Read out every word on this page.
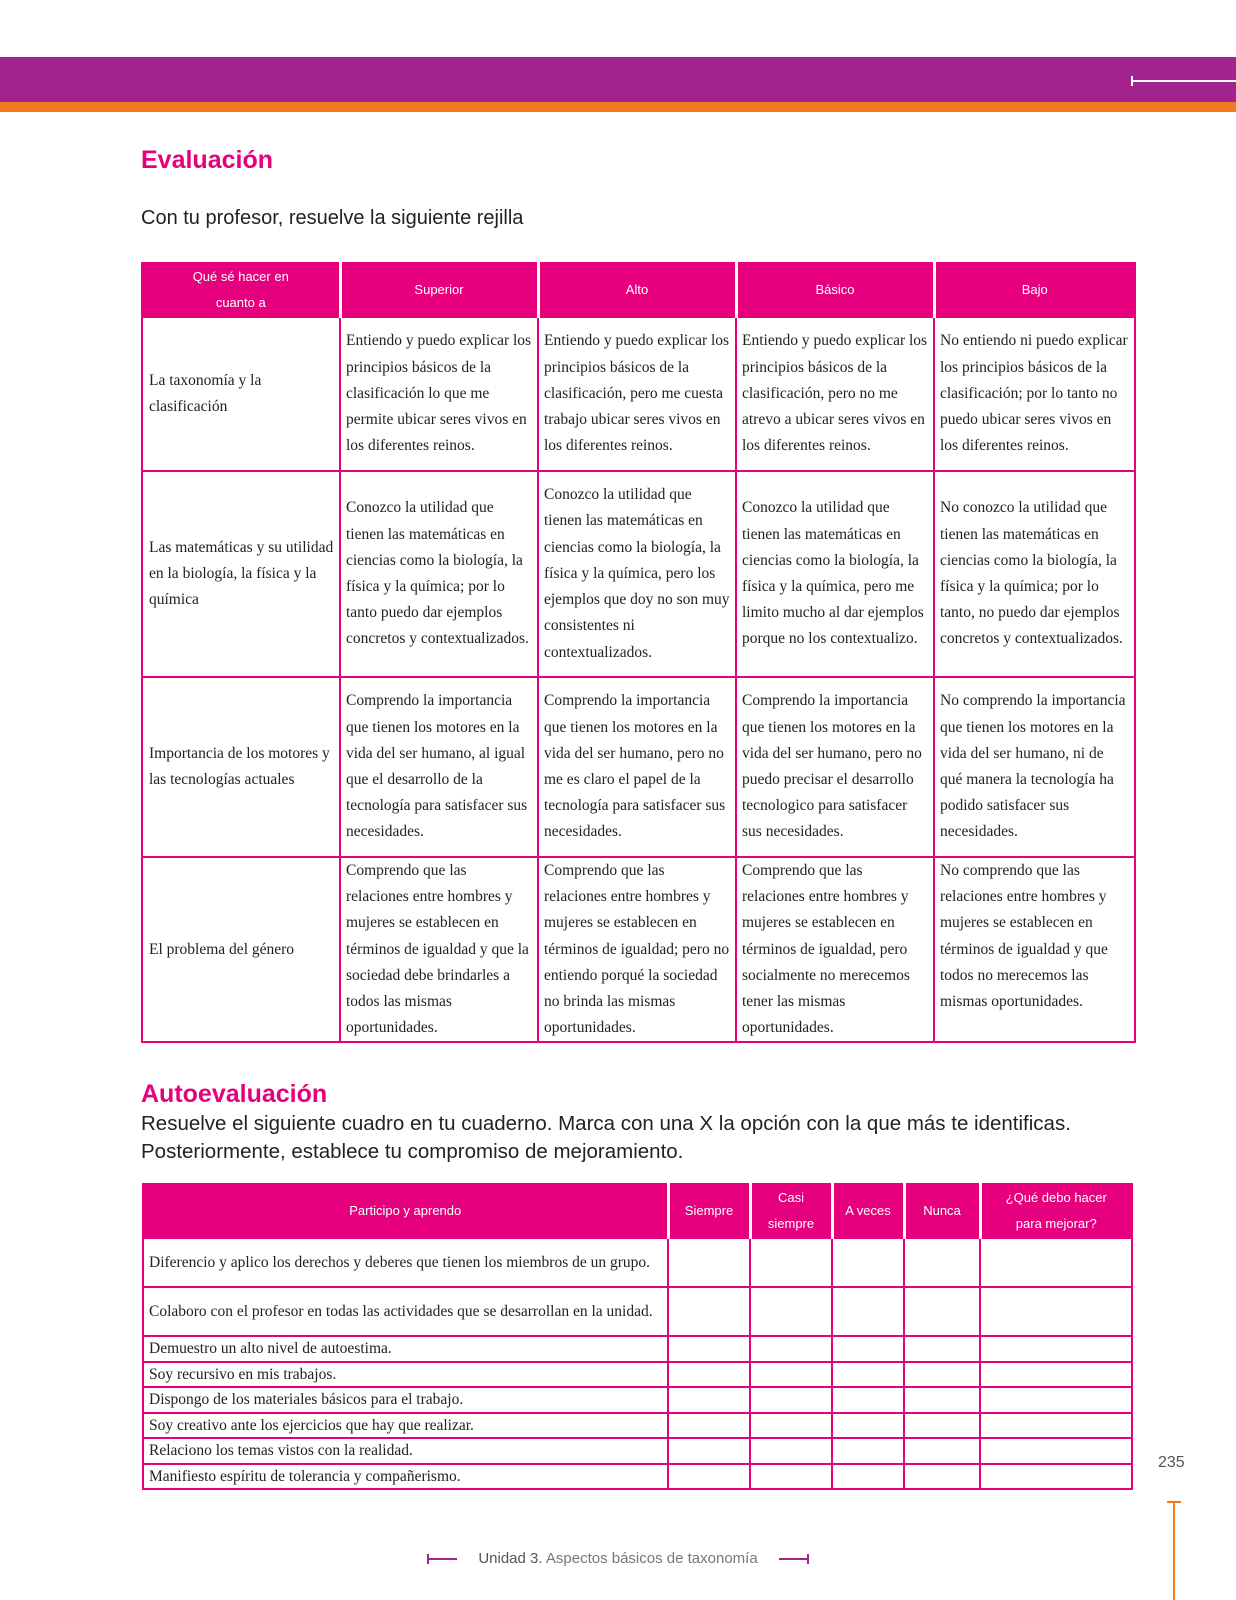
Evaluación

Con tu profesor, resuelve la siguiente rejilla

Qué sé hacer en cuanto a	Superior	Alto	Básico	Bajo
La taxonomía y la clasificación	Entiendo y puedo explicar los principios básicos de la clasificación lo que me permite ubicar seres vivos en los diferentes reinos.	Entiendo y puedo explicar los principios básicos de la clasificación, pero me cuesta trabajo ubicar seres vivos en los diferentes reinos.	Entiendo y puedo explicar los principios básicos de la clasificación, pero no me atrevo a ubicar seres vivos en los diferentes reinos.	No entiendo ni puedo explicar los principios básicos de la clasificación; por lo tanto no puedo ubicar seres vivos en los diferentes reinos.
Las matemáticas y su utilidad en la biología, la física y la química	Conozco la utilidad que tienen las matemáticas en ciencias como la biología, la física y la química; por lo tanto puedo dar ejemplos concretos y contextualizados.	Conozco la utilidad que tienen las matemáticas en ciencias como la biología, la física y la química, pero los ejemplos que doy no son muy consistentes ni contextualizados.	Conozco la utilidad que tienen las matemáticas en ciencias como la biología, la física y la química, pero me limito mucho al dar ejemplos porque no los contextualizo.	No conozco la utilidad que tienen las matemáticas en ciencias como la biología, la física y la química; por lo tanto, no puedo dar ejemplos concretos y contextualizados.
Importancia de los motores y las tecnologías actuales	Comprendo la importancia que tienen los motores en la vida del ser humano, al igual que el desarrollo de la tecnología para satisfacer sus necesidades.	Comprendo la importancia que tienen los motores en la vida del ser humano, pero no me es claro el papel de la tecnología para satisfacer sus necesidades.	Comprendo la importancia que tienen los motores en la vida del ser humano, pero no puedo precisar el desarrollo tecnologico para satisfacer sus necesidades.	No comprendo la importancia que tienen los motores en la vida del ser humano, ni de qué manera la tecnología ha podido satisfacer sus necesidades.
El problema del género	Comprendo que las relaciones entre hombres y mujeres se establecen en términos de igualdad y que la sociedad debe brindarles a todos las mismas oportunidades.	Comprendo que las relaciones entre hombres y mujeres se establecen en términos de igualdad; pero no entiendo porqué la sociedad no brinda las mismas oportunidades.	Comprendo que las relaciones entre hombres y mujeres se establecen en términos de igualdad, pero socialmente no merecemos tener las mismas oportunidades.	No comprendo que las relaciones entre hombres y mujeres se establecen en términos de igualdad y que todos no merecemos las mismas oportunidades.
Autoevaluación

Resuelve el siguiente cuadro en tu cuaderno. Marca con una X la opción con la que más te identificas. Posteriormente, establece tu compromiso de mejoramiento.

Participo y aprendo	Siempre	Casi siempre	A veces	Nunca	¿Qué debo hacer para mejorar?
Diferencio y aplico los derechos y deberes que tienen los miembros de un grupo.					
Colaboro con el profesor en todas las actividades que se desarrollan en la unidad.					
Demuestro un alto nivel de autoestima.					
Soy recursivo en mis trabajos.					
Dispongo de los materiales básicos para el trabajo.					
Soy creativo ante los ejercicios que hay que realizar.					
Relaciono los temas vistos con la realidad.					
Manifiesto espíritu de tolerancia y compañerismo.					
235
Unidad 3. Aspectos básicos de taxonomía
